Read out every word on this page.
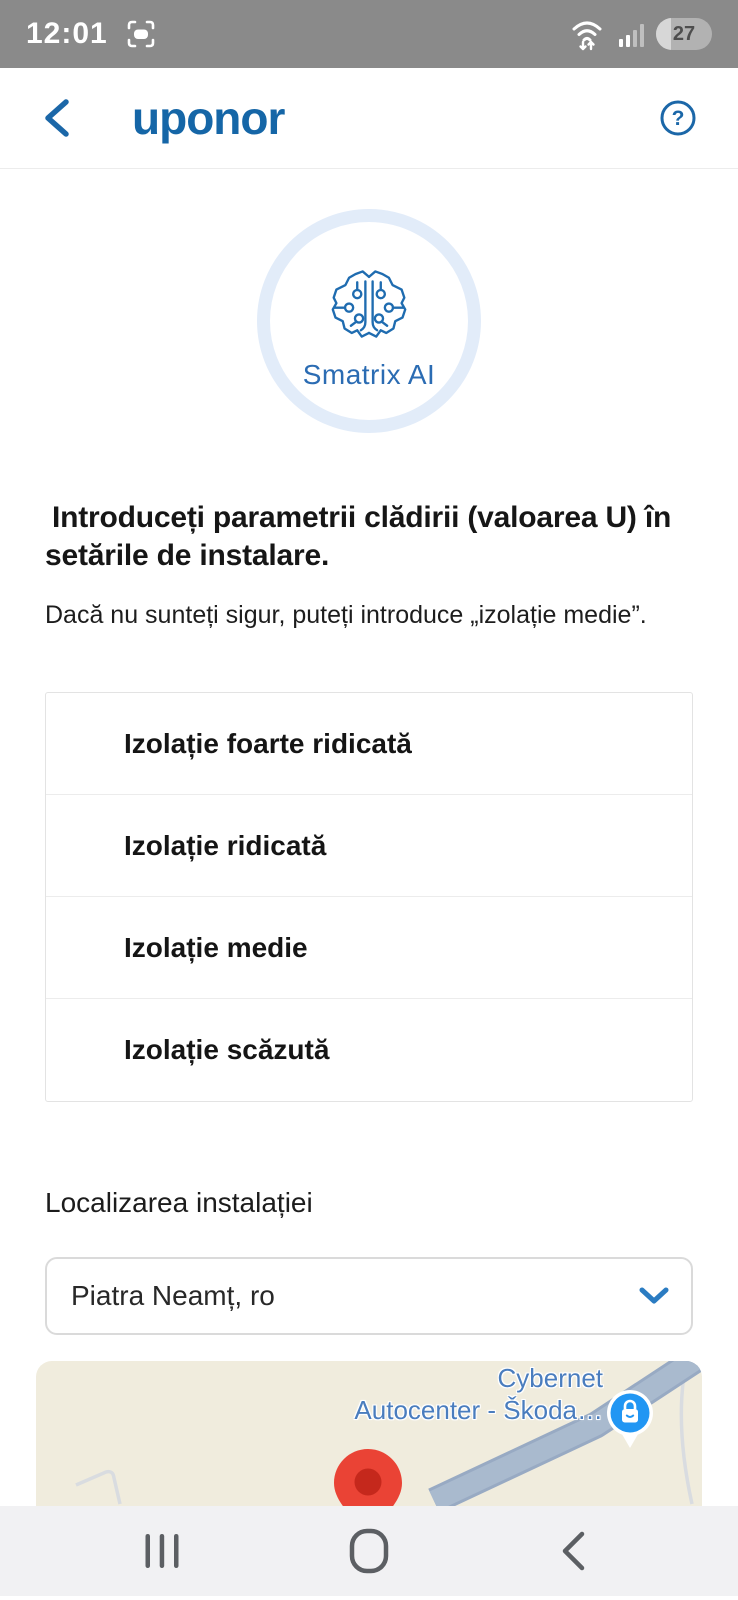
12:01	27
uponor	?
Smatrix AI
Introduceți parametrii clădirii (valoarea U) în
setările de instalare.

Dacă nu sunteți sigur, puteți introduce „izolație medie”.

Izolație foarte ridicată
Izolație ridicată
Izolație medie
Izolație scăzută
Localizarea instalației
Piatra Neamț, ro
Cybernet
Autocenter - Škoda…
